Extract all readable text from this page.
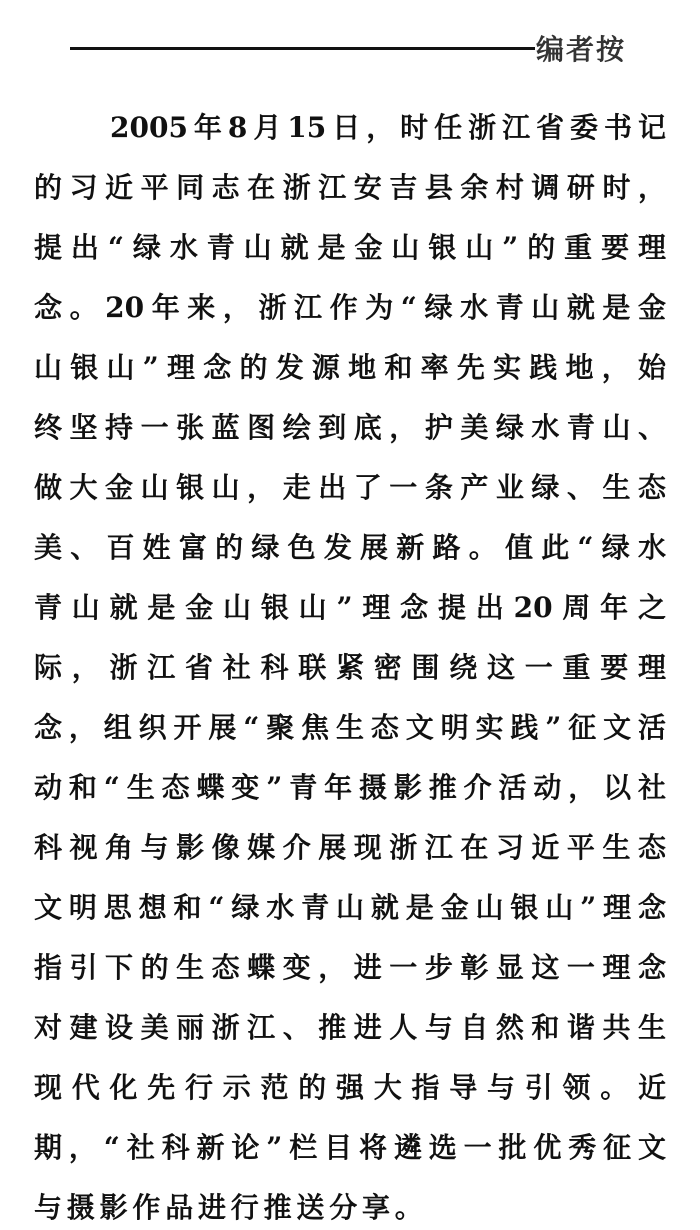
编者按
2005年8月15日，时任浙江省委书记
的习近平同志在浙江安吉县余村调研时，
提出“绿水青山就是金山银山”的重要理
念。20年来，浙江作为“绿水青山就是金
山银山”理念的发源地和率先实践地，始
终坚持一张蓝图绘到底，护美绿水青山、
做大金山银山，走出了一条产业绿、生态
美、百姓富的绿色发展新路。值此“绿水
青山就是金山银山”理念提出20周年之
际，浙江省社科联紧密围绕这一重要理
念，组织开展“聚焦生态文明实践”征文活
动和“生态蝶变”青年摄影推介活动，以社
科视角与影像媒介展现浙江在习近平生态
文明思想和“绿水青山就是金山银山”理念
指引下的生态蝶变，进一步彰显这一理念
对建设美丽浙江、推进人与自然和谐共生
现代化先行示范的强大指导与引领。近
期，“社科新论”栏目将遴选一批优秀征文
与摄影作品进行推送分享。
